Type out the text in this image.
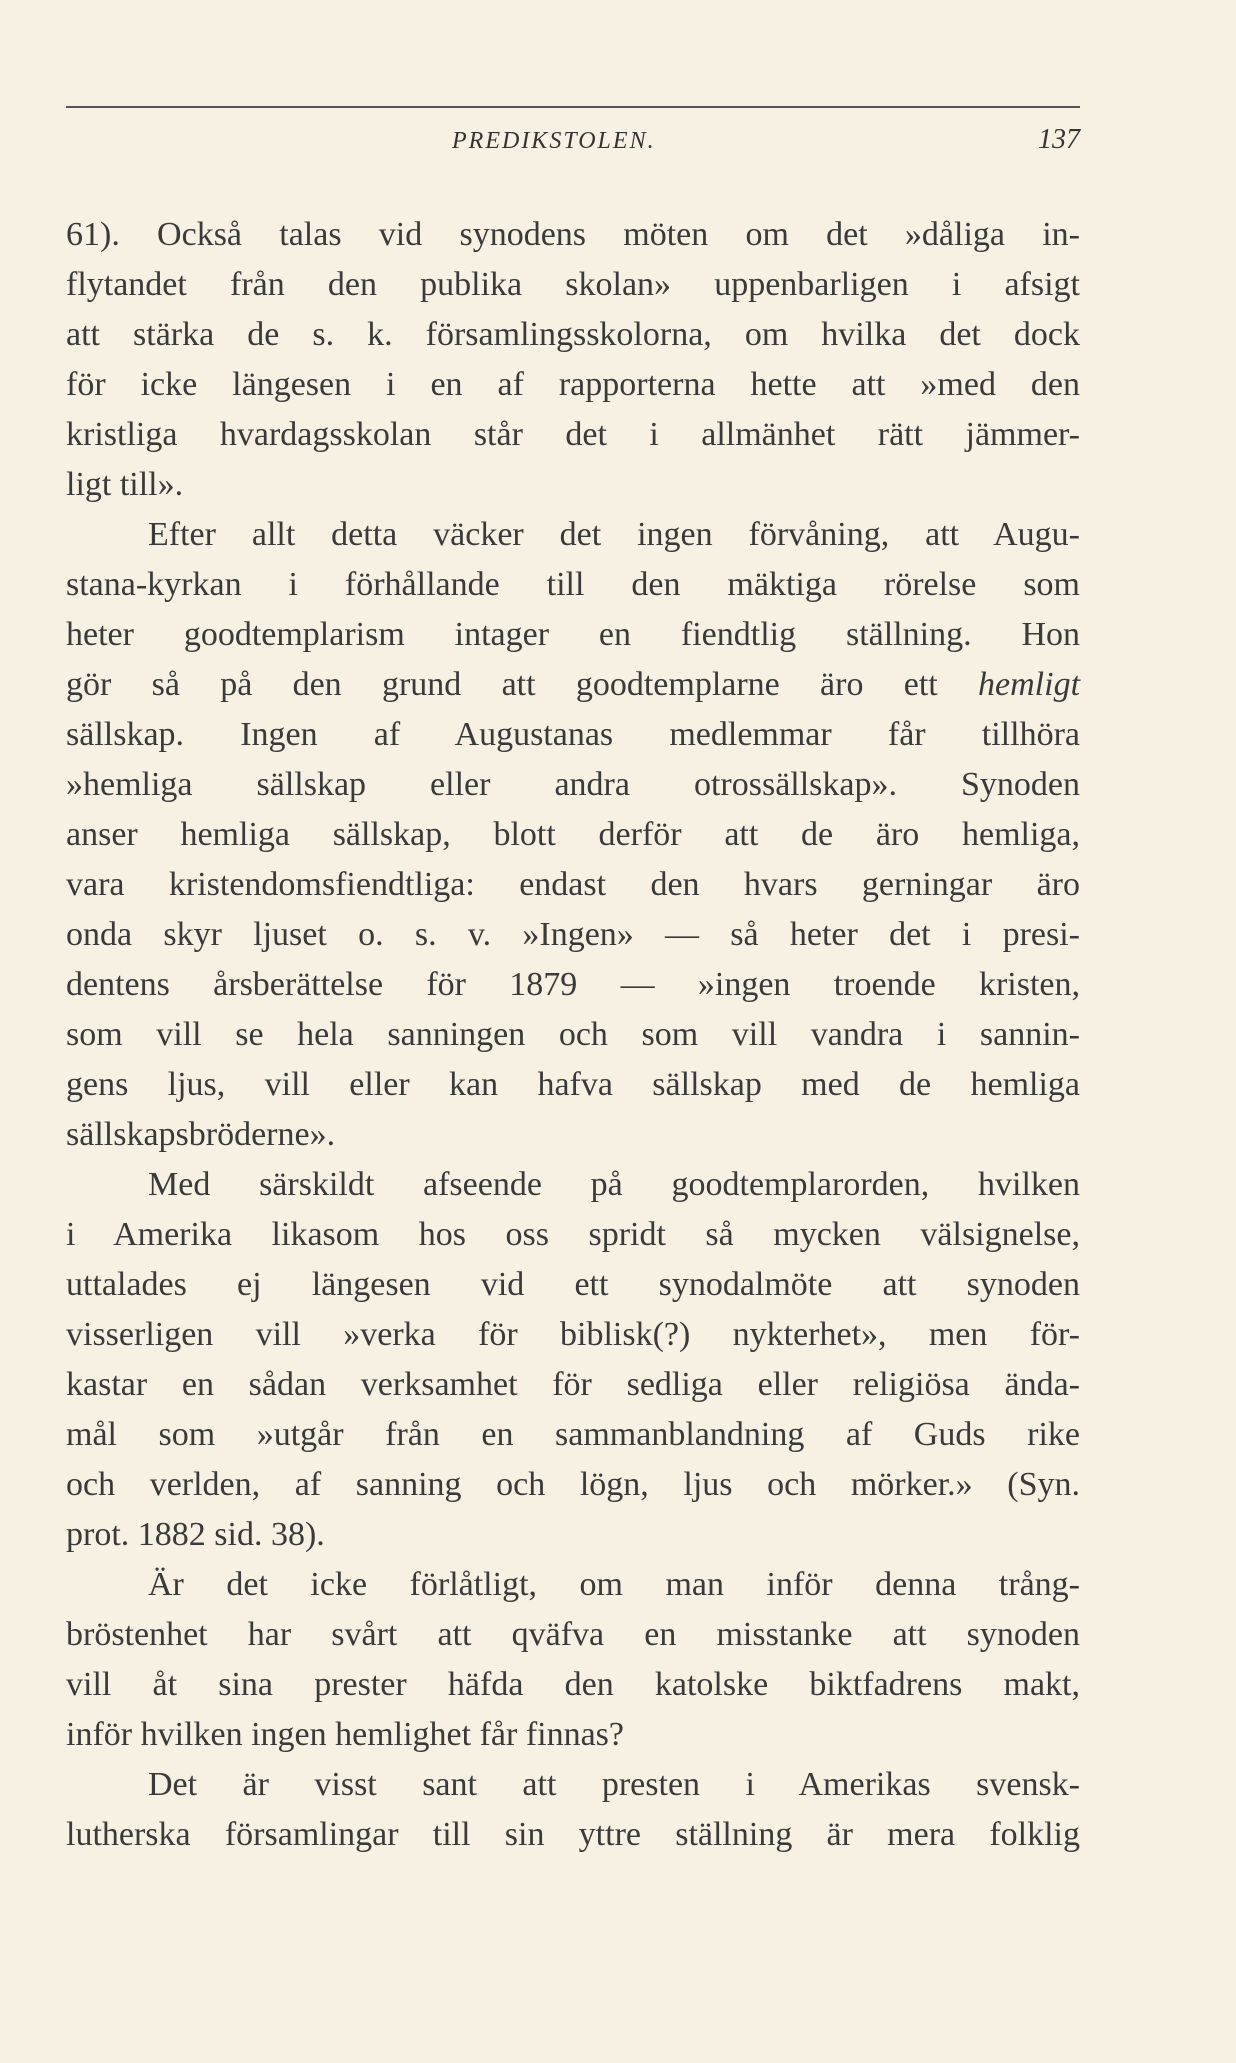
PREDIKSTOLEN.	137
61). Också talas vid synodens möten om det »dåliga in-
flytandet från den publika skolan» uppenbarligen i afsigt
att stärka de s. k. församlingsskolorna, om hvilka det dock
för icke längesen i en af rapporterna hette att »med den
kristliga hvardagsskolan står det i allmänhet rätt jämmer-
ligt till».
Efter allt detta väcker det ingen förvåning, att Augu-
stana-kyrkan i förhållande till den mäktiga rörelse som
heter goodtemplarism intager en fiendtlig ställning. Hon
gör så på den grund att goodtemplarne äro ett hemligt
sällskap. Ingen af Augustanas medlemmar får tillhöra
»hemliga sällskap eller andra otrossällskap». Synoden
anser hemliga sällskap, blott derför att de äro hemliga,
vara kristendomsfiendtliga: endast den hvars gerningar äro
onda skyr ljuset o. s. v. »Ingen» — så heter det i presi-
dentens årsberättelse för 1879 — »ingen troende kristen,
som vill se hela sanningen och som vill vandra i sannin-
gens ljus, vill eller kan hafva sällskap med de hemliga
sällskapsbröderne».
Med särskildt afseende på goodtemplarorden, hvilken
i Amerika likasom hos oss spridt så mycken välsignelse,
uttalades ej längesen vid ett synodalmöte att synoden
visserligen vill »verka för biblisk(?) nykterhet», men för-
kastar en sådan verksamhet för sedliga eller religiösa ända-
mål som »utgår från en sammanblandning af Guds rike
och verlden, af sanning och lögn, ljus och mörker.» (Syn.
prot. 1882 sid. 38).
Är det icke förlåtligt, om man inför denna trång-
bröstenhet har svårt att qväfva en misstanke att synoden
vill åt sina prester häfda den katolske biktfadrens makt,
inför hvilken ingen hemlighet får finnas?
Det är visst sant att presten i Amerikas svensk-
lutherska församlingar till sin yttre ställning är mera folklig
